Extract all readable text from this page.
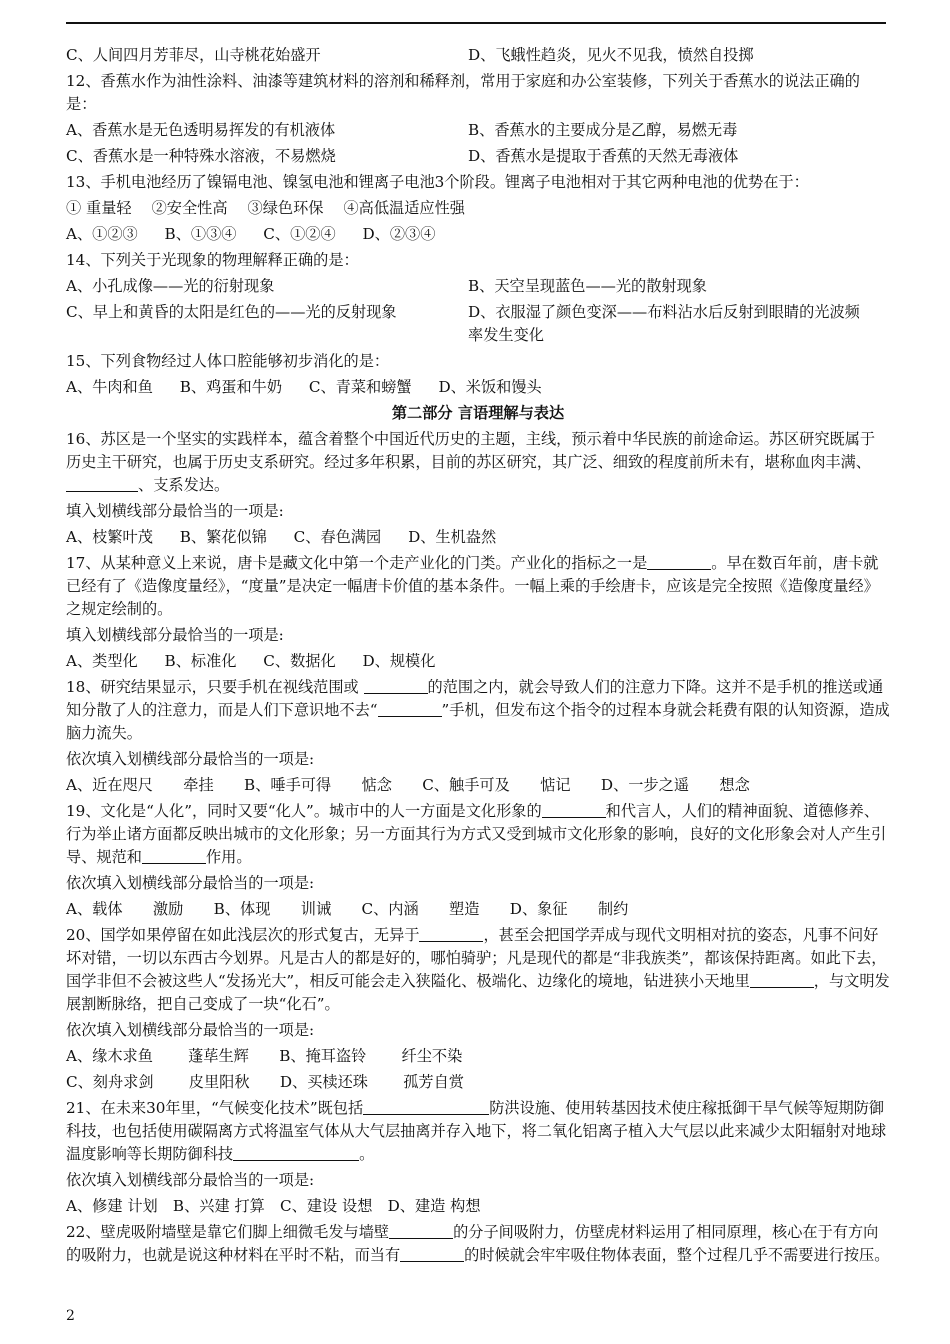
C、人间四月芳菲尽，山寺桃花始盛开	D、飞蛾性趋炎，见火不见我，愤然自投掷

12、香蕉水作为油性涂料、油漆等建筑材料的溶剂和稀释剂，常用于家庭和办公室装修，下列关于香蕉水的说法正确的是：

A、香蕉水是无色透明易挥发的有机液体	B、香蕉水的主要成分是乙醇，易燃无毒
C、香蕉水是一种特殊水溶液，不易燃烧	D、香蕉水是提取于香蕉的天然无毒液体

13、手机电池经历了镍镉电池、镍氢电池和锂离子电池3个阶段。锂离子电池相对于其它两种电池的优势在于：

① 重量轻　 ②安全性高　 ③绿色环保　 ④高低温适应性强

A、①②③ B、①③④ C、①②④ D、②③④

14、下列关于光现象的物理解释正确的是：

A、小孔成像——光的衍射现象	B、天空呈现蓝色——光的散射现象
C、早上和黄昏的太阳是红色的——光的反射现象	D、衣服湿了颜色变深——布料沾水后反射到眼睛的光波频率发生变化

15、下列食物经过人体口腔能够初步消化的是：

A、牛肉和鱼 B、鸡蛋和牛奶 C、青菜和螃蟹 D、米饭和馒头

第二部分 言语理解与表达

16、苏区是一个坚实的实践样本，蕴含着整个中国近代历史的主题，主线，预示着中华民族的前途命运。苏区研究既属于历史主干研究，也属于历史支系研究。经过多年积累，目前的苏区研究，其广泛、细致的程度前所未有，堪称血肉丰满、、支系发达。

填入划横线部分最恰当的一项是:

A、枝繁叶茂 B、繁花似锦 C、春色满园 D、生机盎然

17、从某种意义上来说，唐卡是藏文化中第一个走产业化的门类。产业化的指标之一是	。早在数百年前，唐卡就已经有了《造像度量经》，“度量”是决定一幅唐卡价值的基本条件。一幅上乘的手绘唐卡，应该是完全按照《造像度量经》之规定绘制的。

填入划横线部分最恰当的一项是:

A、类型化 B、标准化 C、数据化 D、规模化

18、研究结果显示，只要手机在视线范围或	的范围之内，就会导致人们的注意力下降。这并不是手机的推送或通知分散了人的注意力，而是人们下意识地不去“	”手机，但发布这个指令的过程本身就会耗费有限的认知资源，造成脑力流失。

依次填入划横线部分最恰当的一项是:

A、近在咫尺　　牵挂　　B、唾手可得　　惦念　　C、触手可及　　惦记　　D、一步之遥　　想念

19、文化是“人化”，同时又要“化人”。城市中的人一方面是文化形象的	和代言人，人们的精神面貌、道德修养、行为举止诸方面都反映出城市的文化形象；另一方面其行为方式又受到城市文化形象的影响，良好的文化形象会对人产生引导、规范和	作用。

依次填入划横线部分最恰当的一项是:

A、载体　　激励　　B、体现　　训诫　　C、内涵　　塑造　　D、象征　　制约

20、国学如果停留在如此浅层次的形式复古，无异于	，甚至会把国学弄成与现代文明相对抗的姿态，凡事不问好坏对错，一切以东西古今划界。凡是古人的都是好的，哪怕骑驴；凡是现代的都是“非我族类”，都该保持距离。如此下去，国学非但不会被这些人“发扬光大”，相反可能会走入狭隘化、极端化、边缘化的境地，钻进狭小天地里	，与文明发展割断脉络，把自己变成了一块“化石”。

依次填入划横线部分最恰当的一项是:

A、缘木求鱼　　 蓬荜生辉　　B、掩耳盗铃　　 纤尘不染

C、刻舟求剑　　 皮里阳秋　　D、买椟还珠　　 孤芳自赏

21、在未来30年里，“气候变化技术”既包括	防洪设施、使用转基因技术使庄稼抵御干旱气候等短期防御科技，也包括使用碳隔离方式将温室气体从大气层抽离并存入地下，将二氧化铝离子植入大气层以此来减少太阳辐射对地球温度影响等长期防御科技	。

依次填入划横线部分最恰当的一项是:

A、修建 计划　B、兴建 打算　C、建设 设想　D、建造 构想

22、壁虎吸附墙壁是靠它们脚上细微毛发与墙壁	的分子间吸附力，仿壁虎材料运用了相同原理，核心在于有方向的吸附力，也就是说这种材料在平时不粘，而当有	的时候就会牢牢吸住物体表面，整个过程几乎不需要进行按压。

2
